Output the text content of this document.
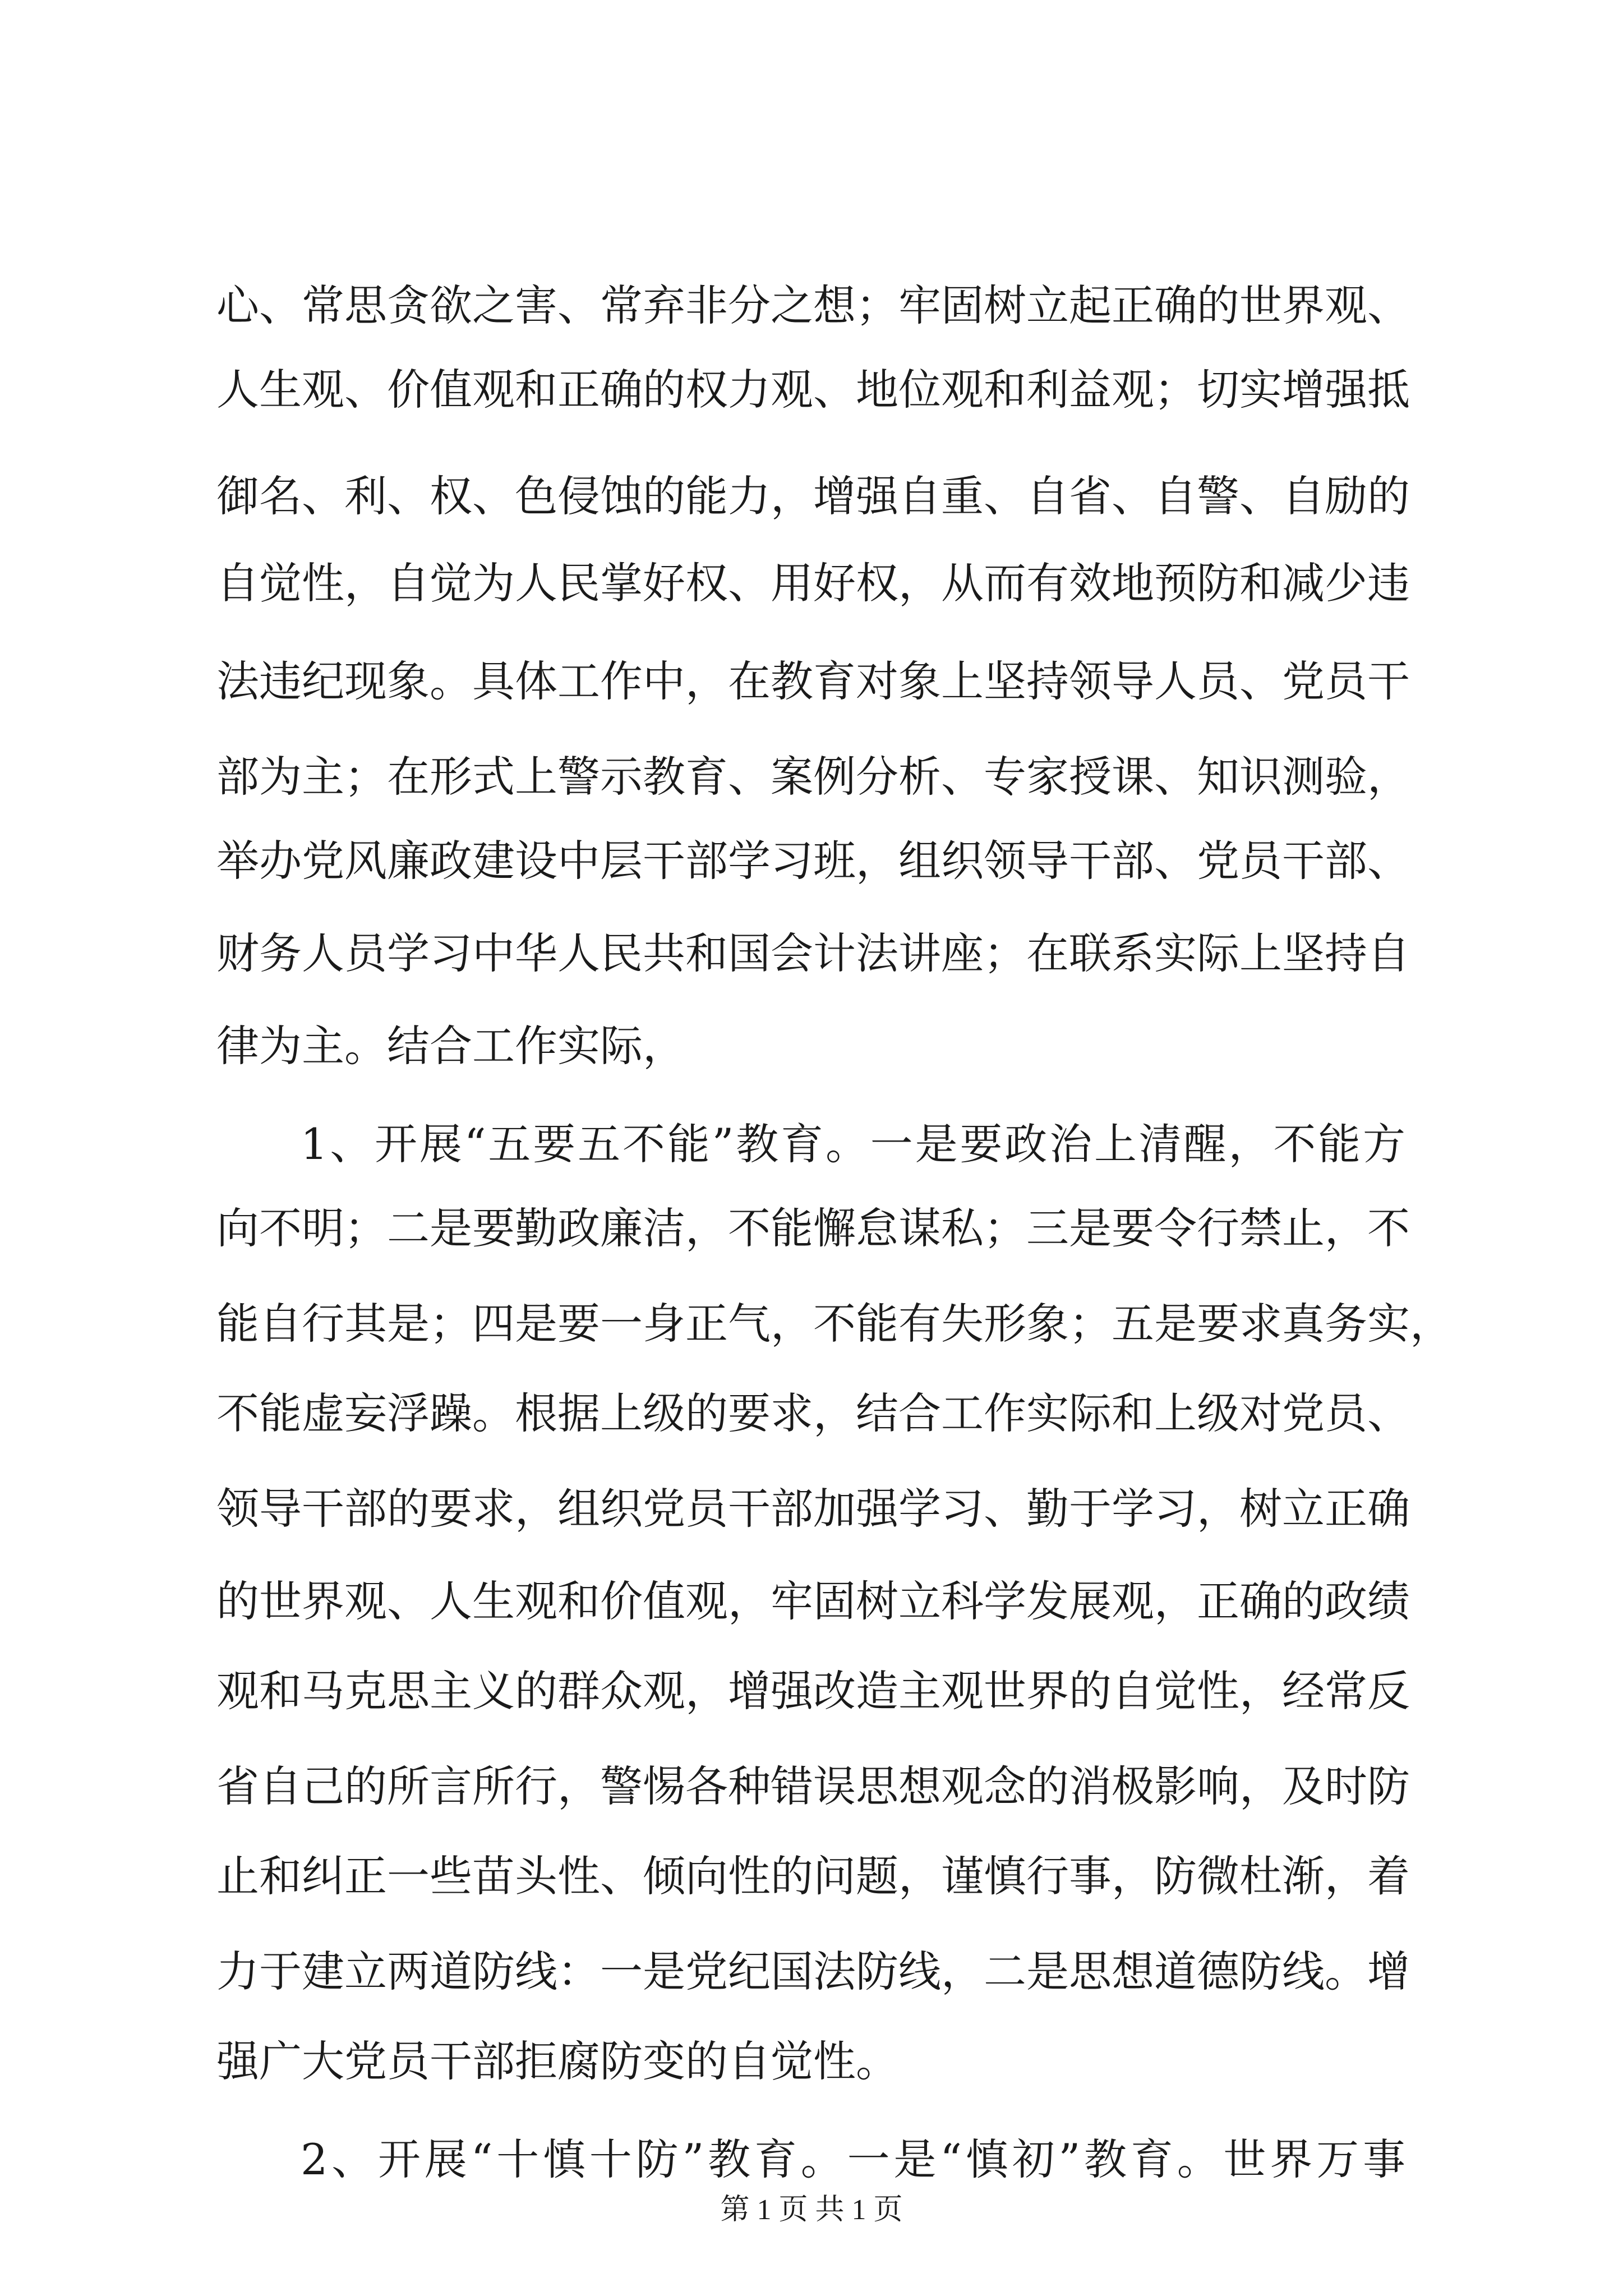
心、常思贪欲之害、常弃非分之想；牢固树立起正确的世界观、
人生观、价值观和正确的权力观、地位观和利益观；切实增强抵
御名、利、权、色侵蚀的能力，增强自重、自省、自警、自励的
自觉性，自觉为人民掌好权、用好权，从而有效地预防和减少违
法违纪现象。具体工作中，在教育对象上坚持领导人员、党员干
部为主；在形式上警示教育、案例分析、专家授课、知识测验，
举办党风廉政建设中层干部学习班，组织领导干部、党员干部、
财务人员学习中华人民共和国会计法讲座；在联系实际上坚持自
律为主。结合工作实际，
1、开展“五要五不能”教育。一是要政治上清醒，不能方
向不明；二是要勤政廉洁，不能懈怠谋私；三是要令行禁止，不
能自行其是；四是要一身正气，不能有失形象；五是要求真务实，
不能虚妄浮躁。根据上级的要求，结合工作实际和上级对党员、
领导干部的要求，组织党员干部加强学习、勤于学习，树立正确
的世界观、人生观和价值观，牢固树立科学发展观，正确的政绩
观和马克思主义的群众观，增强改造主观世界的自觉性，经常反
省自己的所言所行，警惕各种错误思想观念的消极影响，及时防
止和纠正一些苗头性、倾向性的问题，谨慎行事，防微杜渐，着
力于建立两道防线：一是党纪国法防线，二是思想道德防线。增
强广大党员干部拒腐防变的自觉性。
2、开展“十慎十防”教育。一是“慎初”教育。世界万事
第 1 页 共 1 页
